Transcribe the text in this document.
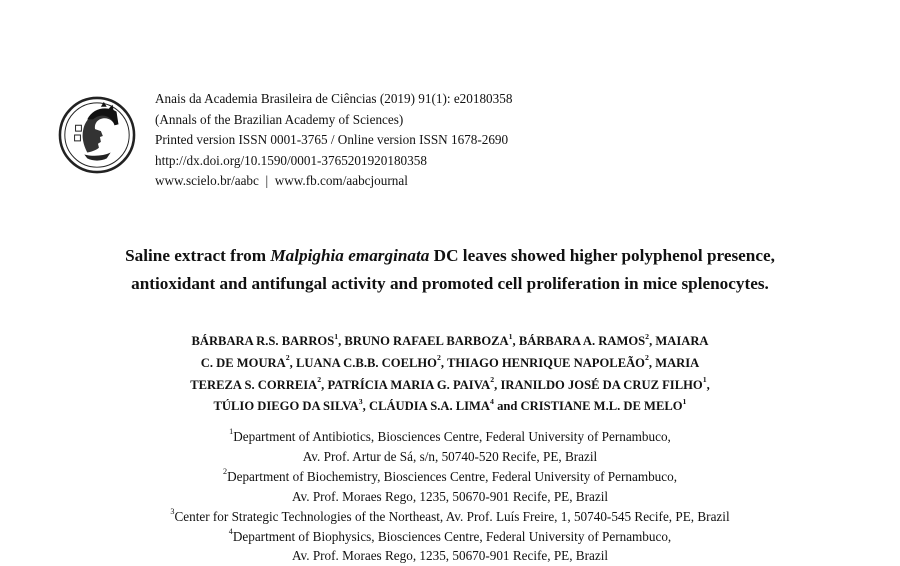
Anais da Academia Brasileira de Ciências (2019) 91(1): e20180358
(Annals of the Brazilian Academy of Sciences)
Printed version ISSN 0001-3765 / Online version ISSN 1678-2690
http://dx.doi.org/10.1590/0001-3765201920180358
www.scielo.br/aabc  |  www.fb.com/aabcjournal
Saline extract from Malpighia emarginata DC leaves showed higher polyphenol presence,
antioxidant and antifungal activity and promoted cell proliferation in mice splenocytes.
BÁRBARA R.S. BARROS$^1$, BRUNO RAFAEL BARBOZA$^1$, BÁRBARA A. RAMOS$^2$, MAIARA
C. DE MOURA$^2$, LUANA C.B.B. COELHO$^2$, THIAGO HENRIQUE NAPOLEÃO$^2$, MARIA
TEREZA S. CORREIA$^2$, PATRÍCIA MARIA G. PAIVA$^2$, IRANILDO JOSÉ DA CRUZ FILHO$^1$,
TÚLIO DIEGO DA SILVA$^3$, CLÁUDIA S.A. LIMA$^4$ and CRISTIANE M.L. DE MELO$^1$
$^1$Department of Antibiotics, Biosciences Centre, Federal University of Pernambuco,
Av. Prof. Artur de Sá, s/n, 50740-520 Recife, PE, Brazil
$^2$Department of Biochemistry, Biosciences Centre, Federal University of Pernambuco,
Av. Prof. Moraes Rego, 1235, 50670-901 Recife, PE, Brazil
$^3$Center for Strategic Technologies of the Northeast, Av. Prof. Luís Freire, 1, 50740-545 Recife, PE, Brazil
$^4$Department of Biophysics, Biosciences Centre, Federal University of Pernambuco,
Av. Prof. Moraes Rego, 1235, 50670-901 Recife, PE, Brazil
